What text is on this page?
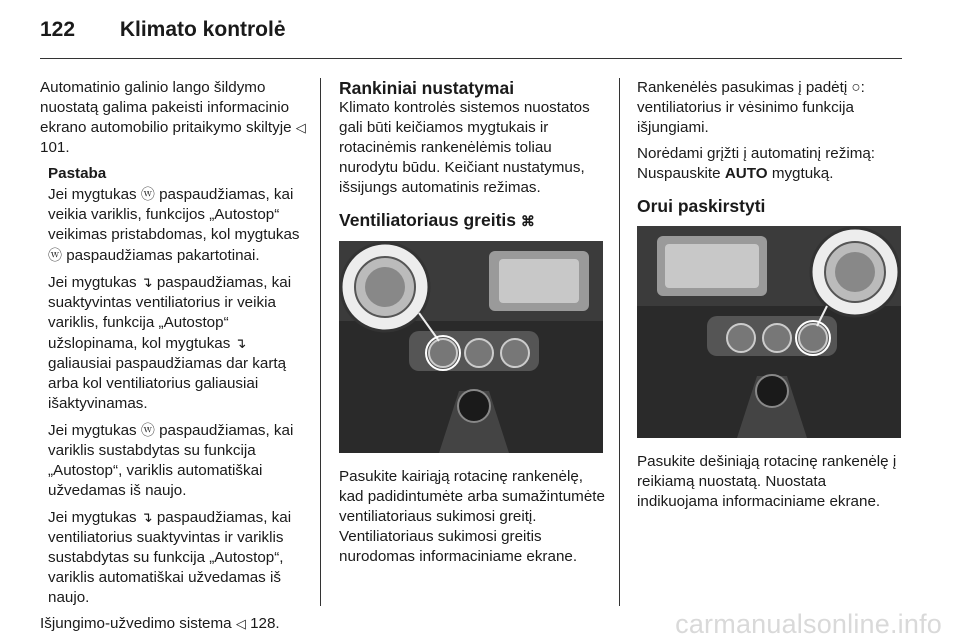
122 Klimato kontrolė

Automatinio galinio lango šildymo nuostatą galima pakeisti informacinio ekrano automobilio pritaikymo skiltyje ◁ 101.

Pastaba

Jei mygtukas ⓦ paspaudžiamas, kai veikia variklis, funkcijos „Autostop“ veikimas pristabdomas, kol mygtukas ⓦ paspaudžiamas pakartotinai.

Jei mygtukas ↴ paspaudžiamas, kai suaktyvintas ventiliatorius ir veikia variklis, funkcija „Autostop“ užslopinama, kol mygtukas ↴ galiausiai paspaudžiamas dar kartą arba kol ventiliatorius galiausiai išaktyvinamas.

Jei mygtukas ⓦ paspaudžiamas, kai variklis sustabdytas su funkcija „Autostop“, variklis automatiškai užvedamas iš naujo.

Jei mygtukas ↴ paspaudžiamas, kai ventiliatorius suaktyvintas ir variklis sustabdytas su funkcija „Autostop“, variklis automatiškai užvedamas iš naujo.

Išjungimo-užvedimo sistema ◁ 128.

Rankiniai nustatymai

Klimato kontrolės sistemos nuostatos gali būti keičiamos mygtukais ir rotacinėmis rankenėlėmis toliau nurodytu būdu. Keičiant nustatymus, išsijungs automatinis režimas.

Ventiliatoriaus greitis ⌘

Pasukite kairiąją rotacinę rankenėlę, kad padidintumėte arba sumažintumėte ventiliatoriaus sukimosi greitį. Ventiliatoriaus sukimosi greitis nurodomas informaciniame ekrane.

Rankenėlės pasukimas į padėtį ○: ventiliatorius ir vėsinimo funkcija išjungiami.

Norėdami grįžti į automatinį režimą: Nuspauskite AUTO mygtuką.

Orui paskirstyti

Pasukite dešiniąją rotacinę rankenėlę į reikiamą nuostatą. Nuostata indikuojama informaciniame ekrane.

carmanualsonline.info
